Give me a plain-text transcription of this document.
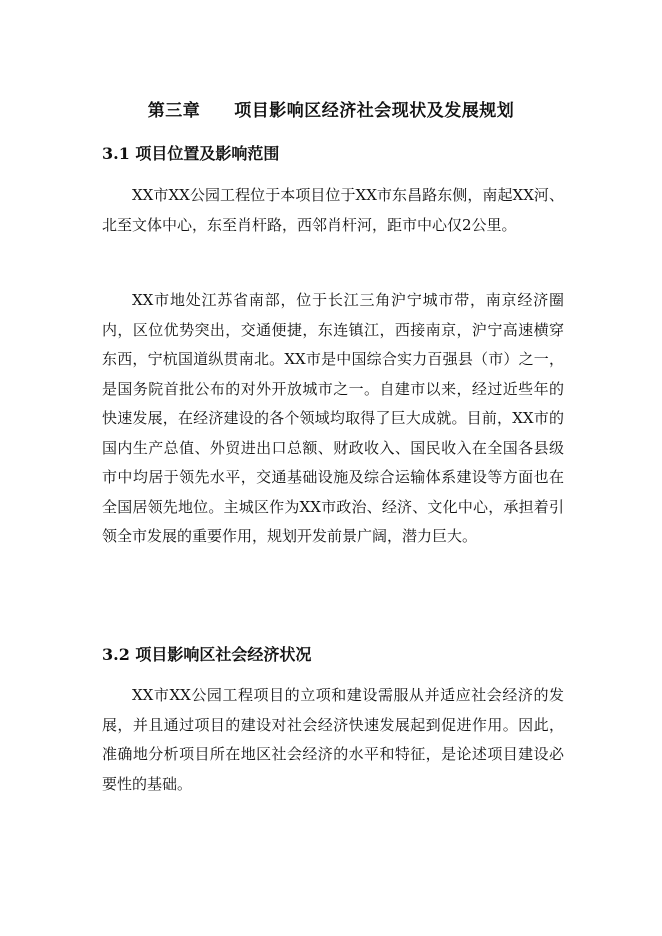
第三章 项目影响区经济社会现状及发展规划
3.1 项目位置及影响范围

XX市XX公园工程位于本项目位于XX市东昌路东侧，南起XX河、北至文体中心，东至肖杆路，西邻肖杆河，距市中心仅2公里。

XX市地处江苏省南部，位于长江三角沪宁城市带，南京经济圈内，区位优势突出，交通便捷，东连镇江，西接南京，沪宁高速横穿东西，宁杭国道纵贯南北。XX市是中国综合实力百强县（市）之一，是国务院首批公布的对外开放城市之一。自建市以来，经过近些年的快速发展，在经济建设的各个领域均取得了巨大成就。目前，XX市的国内生产总值、外贸进出口总额、财政收入、国民收入在全国各县级市中均居于领先水平，交通基础设施及综合运输体系建设等方面也在全国居领先地位。主城区作为XX市政治、经济、文化中心，承担着引领全市发展的重要作用，规划开发前景广阔，潜力巨大。

3.2 项目影响区社会经济状况

XX市XX公园工程项目的立项和建设需服从并适应社会经济的发展，并且通过项目的建设对社会经济快速发展起到促进作用。因此，准确地分析项目所在地区社会经济的水平和特征，是论述项目建设必要性的基础。
